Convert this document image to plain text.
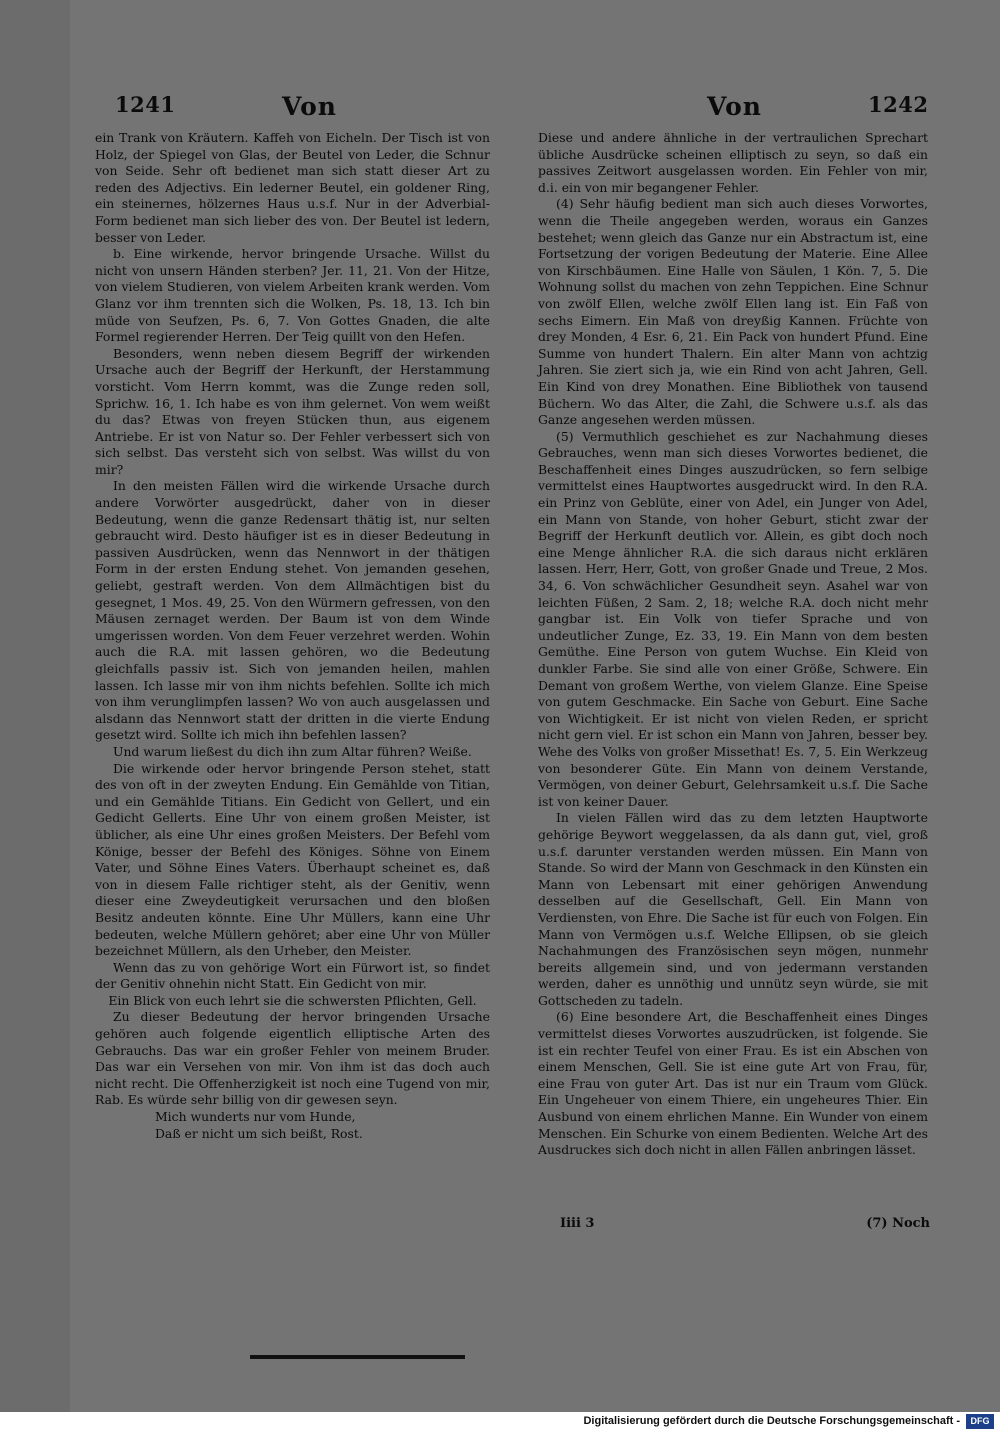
1241	Von	Von	1242

ein Trank von Kräutern. Kaffeh von Eicheln. Der Tisch ist von Holz, der Spiegel von Glas, der Beutel von Leder, die Schnur von Seide. Sehr oft bedienet man sich statt dieser Art zu reden des Adjectivs. Ein lederner Beutel, ein goldener Ring, ein steinernes, hölzernes Haus u.s.f. Nur in der Adverbial-Form bedienet man sich lieber des von. Der Beutel ist ledern, besser von Leder.

b. Eine wirkende, hervor bringende Ursache. Willst du nicht von unsern Händen sterben? Jer. 11, 21. Von der Hitze, von vielem Studieren, von vielem Arbeiten krank werden. Vom Glanz vor ihm trennten sich die Wolken, Ps. 18, 13. Ich bin müde von Seufzen, Ps. 6, 7. Von Gottes Gnaden, die alte Formel regierender Herren. Der Teig quillt von den Hefen.

Besonders, wenn neben diesem Begriff der wirkenden Ursache auch der Begriff der Herkunft, der Herstammung vorsticht. Vom Herrn kommt, was die Zunge reden soll, Sprichw. 16, 1. Ich habe es von ihm gelernet. Von wem weißt du das? Etwas von freyen Stücken thun, aus eigenem Antriebe. Er ist von Natur so. Der Fehler verbessert sich von sich selbst. Das versteht sich von selbst. Was willst du von mir?

In den meisten Fällen wird die wirkende Ursache durch andere Vorwörter ausgedrückt, daher von in dieser Bedeutung, wenn die ganze Redensart thätig ist, nur selten gebraucht wird. Desto häufiger ist es in dieser Bedeutung in passiven Ausdrücken, wenn das Nennwort in der thätigen Form in der ersten Endung stehet. Von jemanden gesehen, geliebt, gestraft werden. Von dem Allmächtigen bist du gesegnet, 1 Mos. 49, 25. Von den Würmern gefressen, von den Mäusen zernaget werden. Der Baum ist von dem Winde umgerissen worden. Von dem Feuer verzehret werden. Wohin auch die R.A. mit lassen gehören, wo die Bedeutung gleichfalls passiv ist. Sich von jemanden heilen, mahlen lassen. Ich lasse mir von ihm nichts befehlen. Sollte ich mich von ihm verunglimpfen lassen? Wo von auch ausgelassen und alsdann das Nennwort statt der dritten in die vierte Endung gesetzt wird. Sollte ich mich ihn befehlen lassen?

Und warum ließest du dich ihn zum Altar führen? Weiße.

Die wirkende oder hervor bringende Person stehet, statt des von oft in der zweyten Endung. Ein Gemählde von Titian, und ein Gemählde Titians. Ein Gedicht von Gellert, und ein Gedicht Gellerts. Eine Uhr von einem großen Meister, ist üblicher, als eine Uhr eines großen Meisters. Der Befehl vom Könige, besser der Befehl des Königes. Söhne von Einem Vater, und Söhne Eines Vaters. Überhaupt scheinet es, daß von in diesem Falle richtiger steht, als der Genitiv, wenn dieser eine Zweydeutigkeit verursachen und den bloßen Besitz andeuten könnte. Eine Uhr Müllers, kann eine Uhr bedeuten, welche Müllern gehöret; aber eine Uhr von Müller bezeichnet Müllern, als den Urheber, den Meister.

Wenn das zu von gehörige Wort ein Fürwort ist, so findet der Genitiv ohnehin nicht Statt. Ein Gedicht von mir.

Ein Blick von euch lehrt sie die schwersten Pflichten, Gell.

Zu dieser Bedeutung der hervor bringenden Ursache gehören auch folgende eigentlich elliptische Arten des Gebrauchs. Das war ein großer Fehler von meinem Bruder. Das war ein Versehen von mir. Von ihm ist das doch auch nicht recht. Die Offenherzigkeit ist noch eine Tugend von mir, Rab. Es würde sehr billig von dir gewesen seyn.

Mich wunderts nur vom Hunde,

Daß er nicht um sich beißt, Rost.

Diese und andere ähnliche in der vertraulichen Sprechart übliche Ausdrücke scheinen elliptisch zu seyn, so daß ein passives Zeitwort ausgelassen worden. Ein Fehler von mir, d.i. ein von mir begangener Fehler.

(4) Sehr häufig bedient man sich auch dieses Vorwortes, wenn die Theile angegeben werden, woraus ein Ganzes bestehet; wenn gleich das Ganze nur ein Abstractum ist, eine Fortsetzung der vorigen Bedeutung der Materie. Eine Allee von Kirschbäumen. Eine Halle von Säulen, 1 Kön. 7, 5. Die Wohnung sollst du machen von zehn Teppichen. Eine Schnur von zwölf Ellen, welche zwölf Ellen lang ist. Ein Faß von sechs Eimern. Ein Maß von dreyßig Kannen. Früchte von drey Monden, 4 Esr. 6, 21. Ein Pack von hundert Pfund. Eine Summe von hundert Thalern. Ein alter Mann von achtzig Jahren. Sie ziert sich ja, wie ein Rind von acht Jahren, Gell. Ein Kind von drey Monathen. Eine Bibliothek von tausend Büchern. Wo das Alter, die Zahl, die Schwere u.s.f. als das Ganze angesehen werden müssen.

(5) Vermuthlich geschiehet es zur Nachahmung dieses Gebrauches, wenn man sich dieses Vorwortes bedienet, die Beschaffenheit eines Dinges auszudrücken, so fern selbige vermittelst eines Hauptwortes ausgedruckt wird. In den R.A. ein Prinz von Geblüte, einer von Adel, ein Junger von Adel, ein Mann von Stande, von hoher Geburt, sticht zwar der Begriff der Herkunft deutlich vor. Allein, es gibt doch noch eine Menge ähnlicher R.A. die sich daraus nicht erklären lassen. Herr, Herr, Gott, von großer Gnade und Treue, 2 Mos. 34, 6. Von schwächlicher Gesundheit seyn. Asahel war von leichten Füßen, 2 Sam. 2, 18; welche R.A. doch nicht mehr gangbar ist. Ein Volk von tiefer Sprache und von undeutlicher Zunge, Ez. 33, 19. Ein Mann von dem besten Gemüthe. Eine Person von gutem Wuchse. Ein Kleid von dunkler Farbe. Sie sind alle von einer Größe, Schwere. Ein Demant von großem Werthe, von vielem Glanze. Eine Speise von gutem Geschmacke. Ein Sache von Geburt. Eine Sache von Wichtigkeit. Er ist nicht von vielen Reden, er spricht nicht gern viel. Er ist schon ein Mann von Jahren, besser bey. Wehe des Volks von großer Missethat! Es. 7, 5. Ein Werkzeug von besonderer Güte. Ein Mann von deinem Verstande, Vermögen, von deiner Geburt, Gelehrsamkeit u.s.f. Die Sache ist von keiner Dauer.

In vielen Fällen wird das zu dem letzten Hauptworte gehörige Beywort weggelassen, da als dann gut, viel, groß u.s.f. darunter verstanden werden müssen. Ein Mann von Stande. So wird der Mann von Geschmack in den Künsten ein Mann von Lebensart mit einer gehörigen Anwendung desselben auf die Gesellschaft, Gell. Ein Mann von Verdiensten, von Ehre. Die Sache ist für euch von Folgen. Ein Mann von Vermögen u.s.f. Welche Ellipsen, ob sie gleich Nachahmungen des Französischen seyn mögen, nunmehr bereits allgemein sind, und von jedermann verstanden werden, daher es unnöthig und unnütz seyn würde, sie mit Gottscheden zu tadeln.

(6) Eine besondere Art, die Beschaffenheit eines Dinges vermittelst dieses Vorwortes auszudrücken, ist folgende. Sie ist ein rechter Teufel von einer Frau. Es ist ein Abschen von einem Menschen, Gell. Sie ist eine gute Art von Frau, für, eine Frau von guter Art. Das ist nur ein Traum vom Glück. Ein Ungeheuer von einem Thiere, ein ungeheures Thier. Ein Ausbund von einem ehrlichen Manne. Ein Wunder von einem Menschen. Ein Schurke von einem Bedienten. Welche Art des Ausdruckes sich doch nicht in allen Fällen anbringen lässet.

Iiii 3	(7) Noch
Digitalisierung gefördert durch die Deutsche Forschungsgemeinschaft -	DFG
